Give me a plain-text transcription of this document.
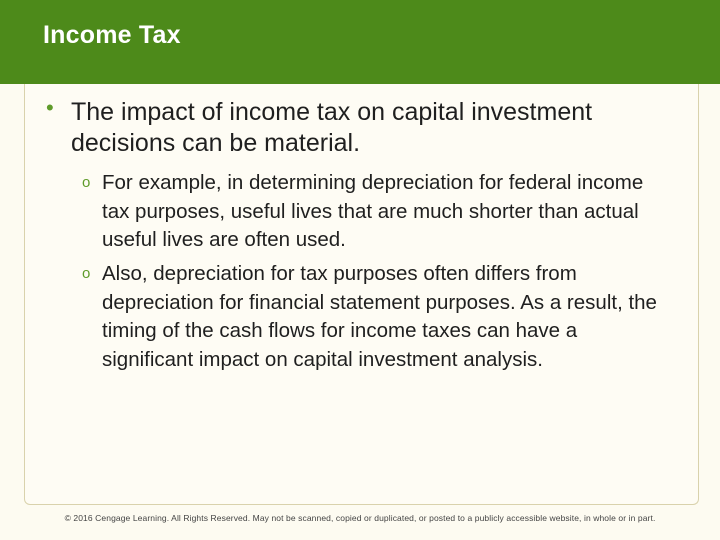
Income Tax
• The impact of income tax on capital investment decisions can be material.
o For example, in determining depreciation for federal income tax purposes, useful lives that are much shorter than actual useful lives are often used.
o Also, depreciation for tax purposes often differs from depreciation for financial statement purposes. As a result, the timing of the cash flows for income taxes can have a significant impact on capital investment analysis.
© 2016 Cengage Learning. All Rights Reserved. May not be scanned, copied or duplicated, or posted to a publicly accessible website, in whole or in part.
